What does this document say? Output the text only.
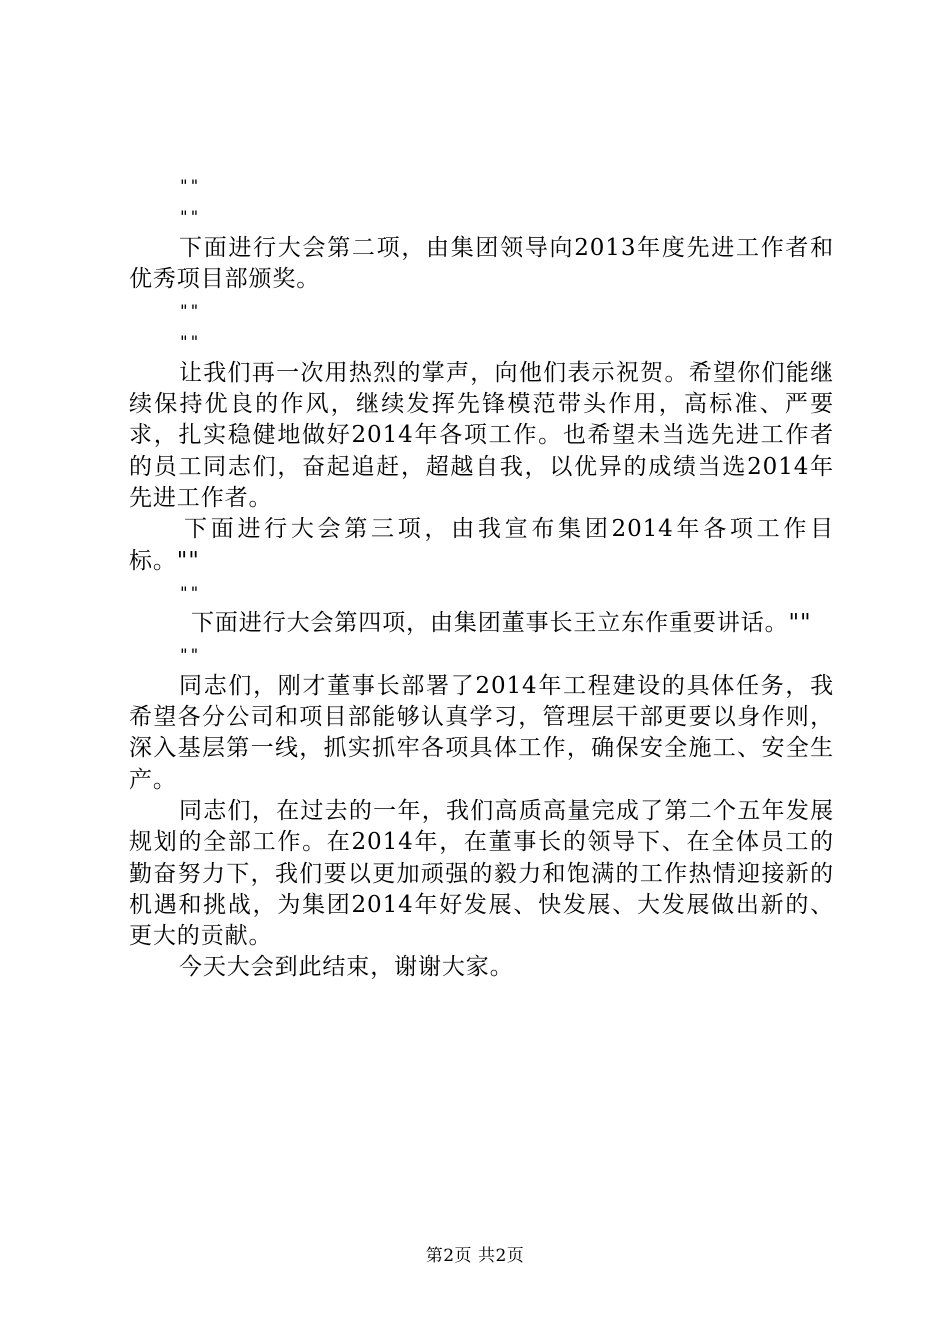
""

""

下面进行大会第二项，由集团领导向2013年度先进工作者和优秀项目部颁奖。

""

""

让我们再一次用热烈的掌声，向他们表示祝贺。希望你们能继续保持优良的作风，继续发挥先锋模范带头作用，高标准、严要求，扎实稳健地做好2014年各项工作。也希望未当选先进工作者的员工同志们，奋起追赶，超越自我，以优异的成绩当选2014年先进工作者。

下面进行大会第三项，由我宣布集团2014年各项工作目标。""

""

下面进行大会第四项，由集团董事长王立东作重要讲话。""

""

同志们，刚才董事长部署了2014年工程建设的具体任务，我希望各分公司和项目部能够认真学习，管理层干部更要以身作则，深入基层第一线，抓实抓牢各项具体工作，确保安全施工、安全生产。

同志们，在过去的一年，我们高质高量完成了第二个五年发展规划的全部工作。在2014年，在董事长的领导下、在全体员工的勤奋努力下，我们要以更加顽强的毅力和饱满的工作热情迎接新的机遇和挑战，为集团2014年好发展、快发展、大发展做出新的、更大的贡献。

今天大会到此结束，谢谢大家。

第2页 共2页
